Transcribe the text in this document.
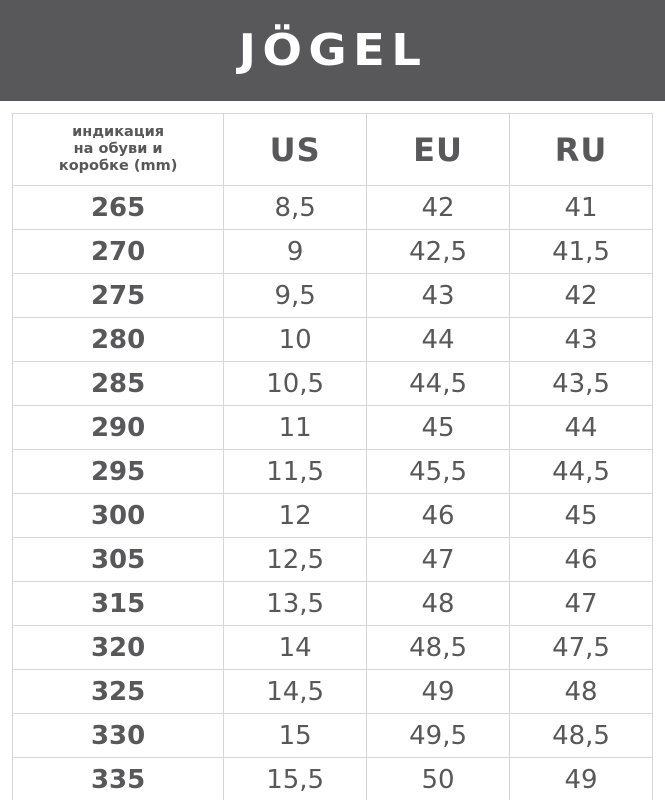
JÖGEL
индикация
на обуви и
коробке (mm)	US	EU	RU
265	8,5	42	41
270	9	42,5	41,5
275	9,5	43	42
280	10	44	43
285	10,5	44,5	43,5
290	11	45	44
295	11,5	45,5	44,5
300	12	46	45
305	12,5	47	46
315	13,5	48	47
320	14	48,5	47,5
325	14,5	49	48
330	15	49,5	48,5
335	15,5	50	49
